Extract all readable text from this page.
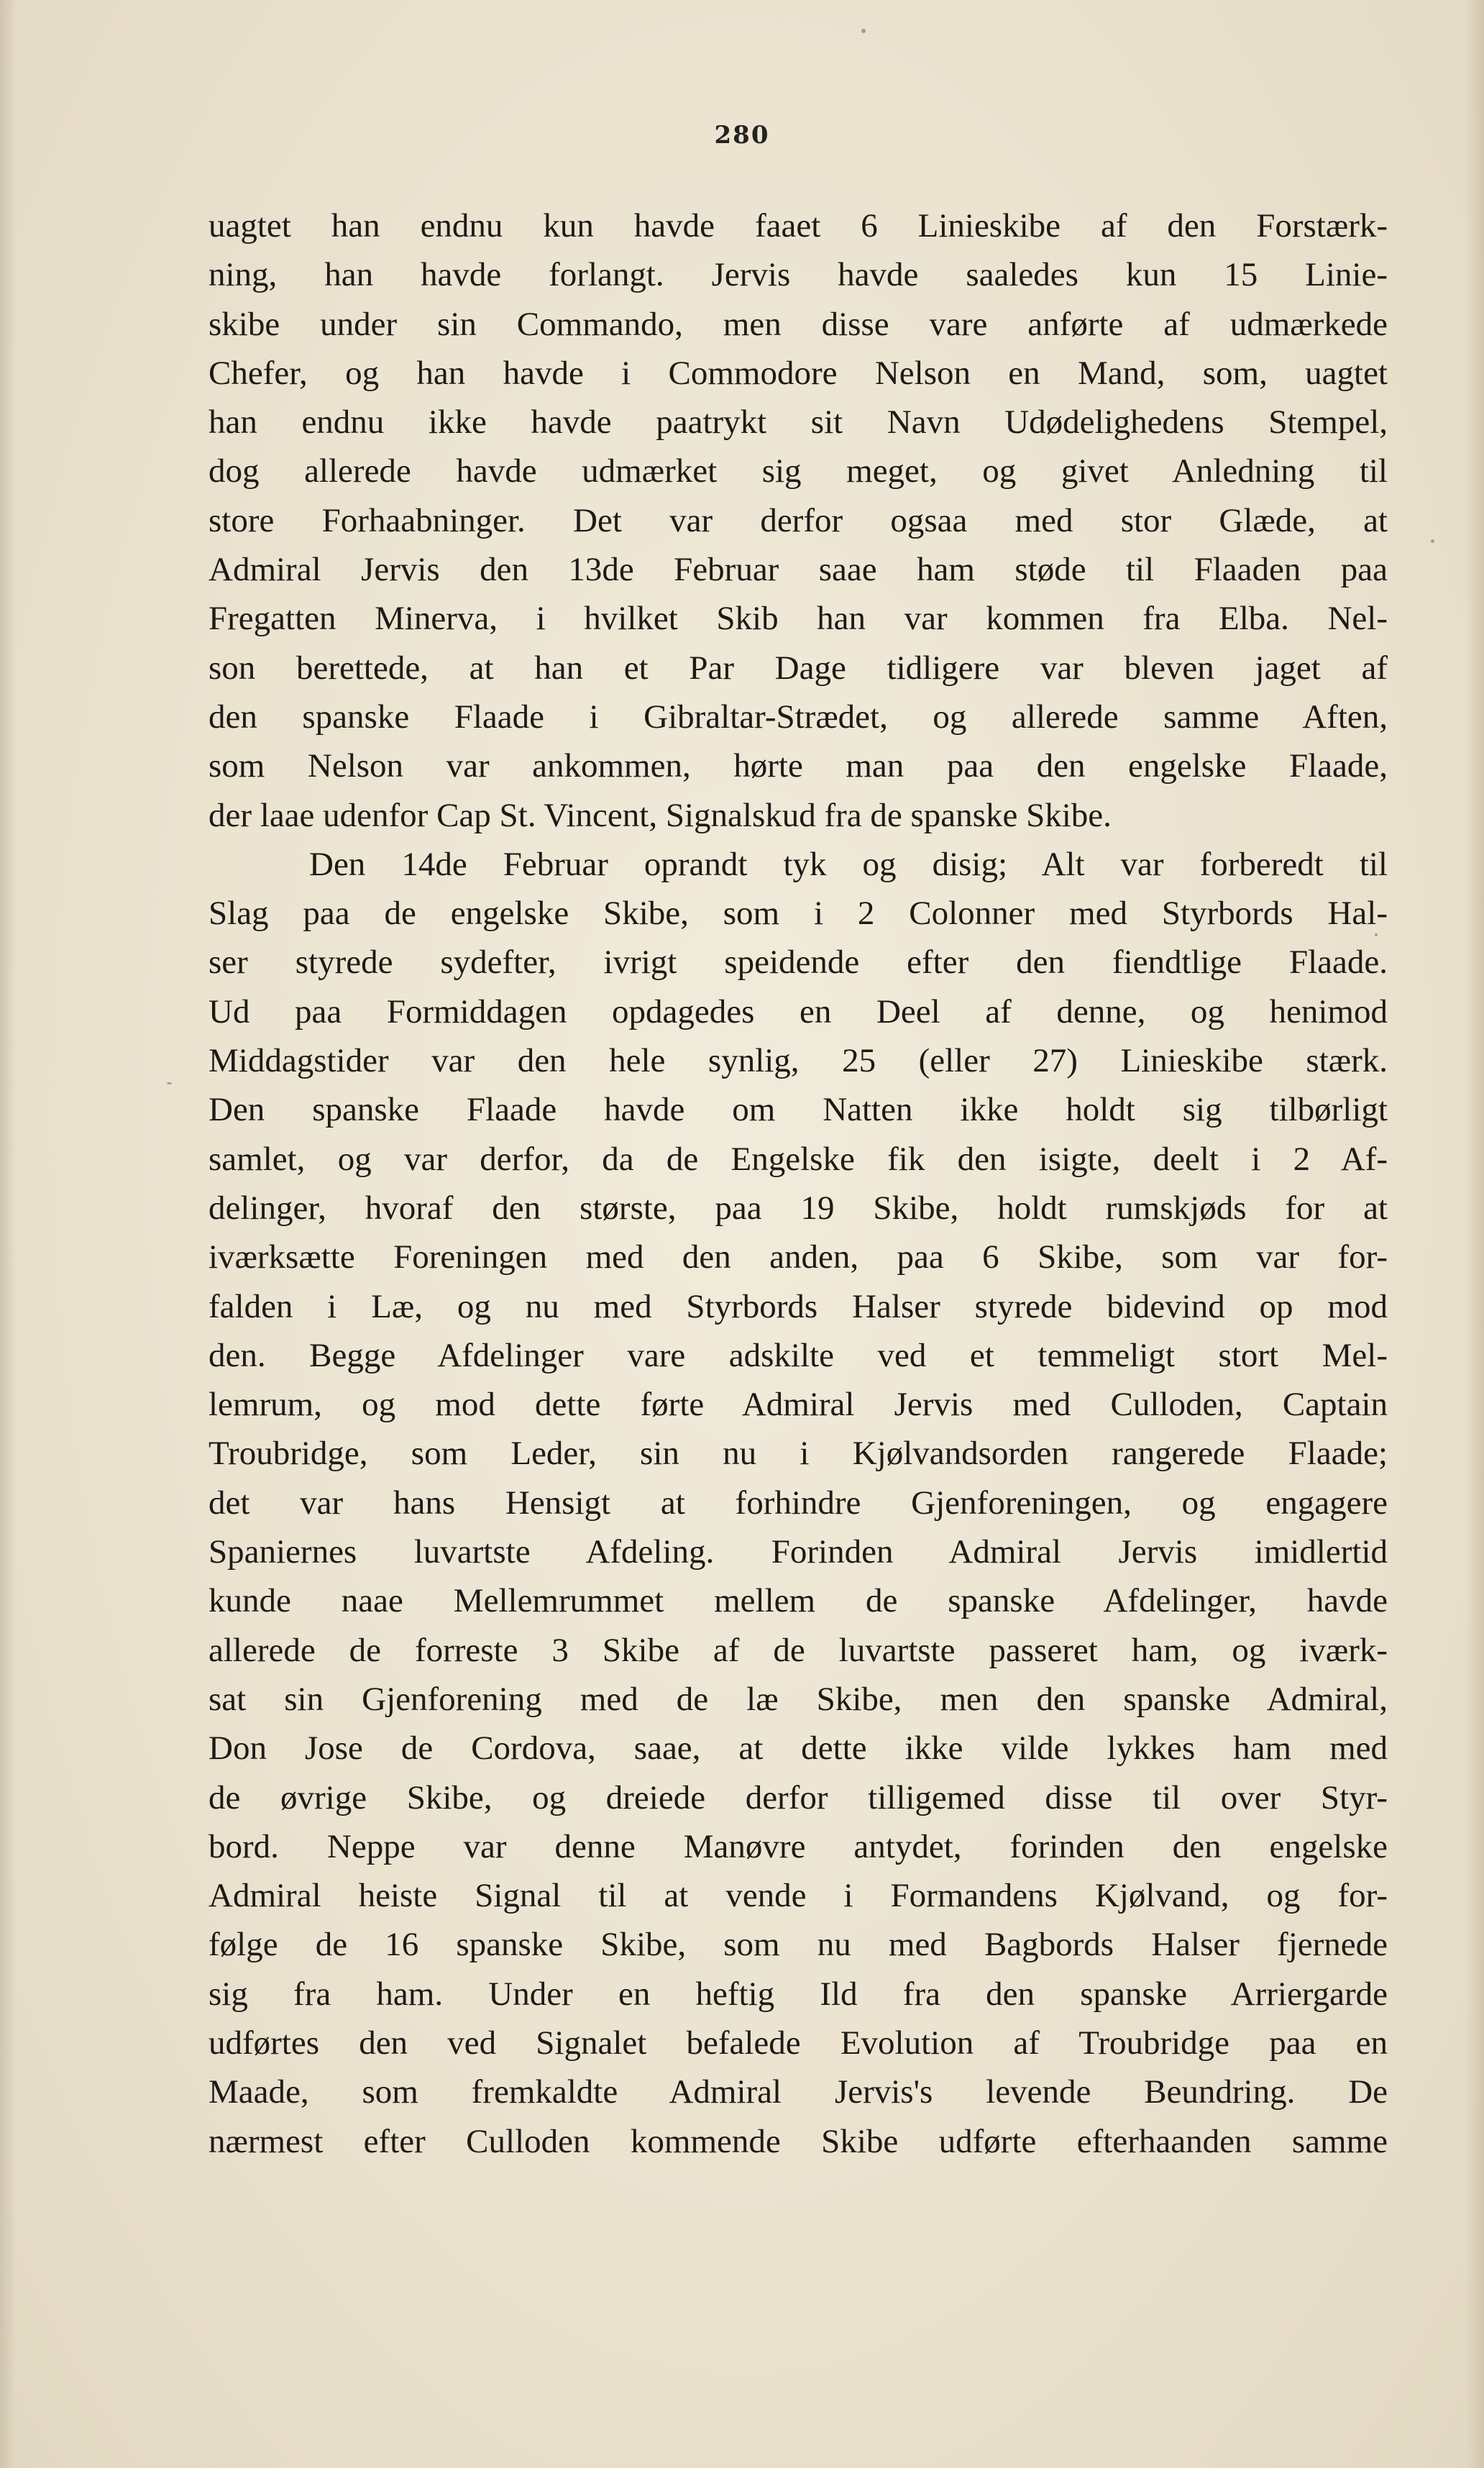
280
uagtet han endnu kun havde faaet 6 Linieskibe af den Forstærk-
ning, han havde forlangt. Jervis havde saaledes kun 15 Linie-
skibe under sin Commando, men disse vare anførte af udmærkede
Chefer, og han havde i Commodore Nelson en Mand, som, uagtet
han endnu ikke havde paatrykt sit Navn Udødelighedens Stempel,
dog allerede havde udmærket sig meget, og givet Anledning til
store Forhaabninger. Det var derfor ogsaa med stor Glæde, at
Admiral Jervis den 13de Februar saae ham støde til Flaaden paa
Fregatten Minerva, i hvilket Skib han var kommen fra Elba. Nel-
son berettede, at han et Par Dage tidligere var bleven jaget af
den spanske Flaade i Gibraltar-Strædet, og allerede samme Aften,
som Nelson var ankommen, hørte man paa den engelske Flaade,
der laae udenfor Cap St. Vincent, Signalskud fra de spanske Skibe.
Den 14de Februar oprandt tyk og disig; Alt var forberedt til
Slag paa de engelske Skibe, som i 2 Colonner med Styrbords Hal-
ser styrede sydefter, ivrigt speidende efter den fiendtlige Flaade.
Ud paa Formiddagen opdagedes en Deel af denne, og henimod
Middagstider var den hele synlig, 25 (eller 27) Linieskibe stærk.
Den spanske Flaade havde om Natten ikke holdt sig tilbørligt
samlet, og var derfor, da de Engelske fik den isigte, deelt i 2 Af-
delinger, hvoraf den største, paa 19 Skibe, holdt rumskjøds for at
iværksætte Foreningen med den anden, paa 6 Skibe, som var for-
falden i Læ, og nu med Styrbords Halser styrede bidevind op mod
den. Begge Afdelinger vare adskilte ved et temmeligt stort Mel-
lemrum, og mod dette førte Admiral Jervis med Culloden, Captain
Troubridge, som Leder, sin nu i Kjølvandsorden rangerede Flaade;
det var hans Hensigt at forhindre Gjenforeningen, og engagere
Spaniernes luvartste Afdeling. Forinden Admiral Jervis imidlertid
kunde naae Mellemrummet mellem de spanske Afdelinger, havde
allerede de forreste 3 Skibe af de luvartste passeret ham, og iværk-
sat sin Gjenforening med de læ Skibe, men den spanske Admiral,
Don Jose de Cordova, saae, at dette ikke vilde lykkes ham med
de øvrige Skibe, og dreiede derfor tilligemed disse til over Styr-
bord. Neppe var denne Manøvre antydet, forinden den engelske
Admiral heiste Signal til at vende i Formandens Kjølvand, og for-
følge de 16 spanske Skibe, som nu med Bagbords Halser fjernede
sig fra ham. Under en heftig Ild fra den spanske Arriergarde
udførtes den ved Signalet befalede Evolution af Troubridge paa en
Maade, som fremkaldte Admiral Jervis's levende Beundring. De
nærmest efter Culloden kommende Skibe udførte efterhaanden samme
